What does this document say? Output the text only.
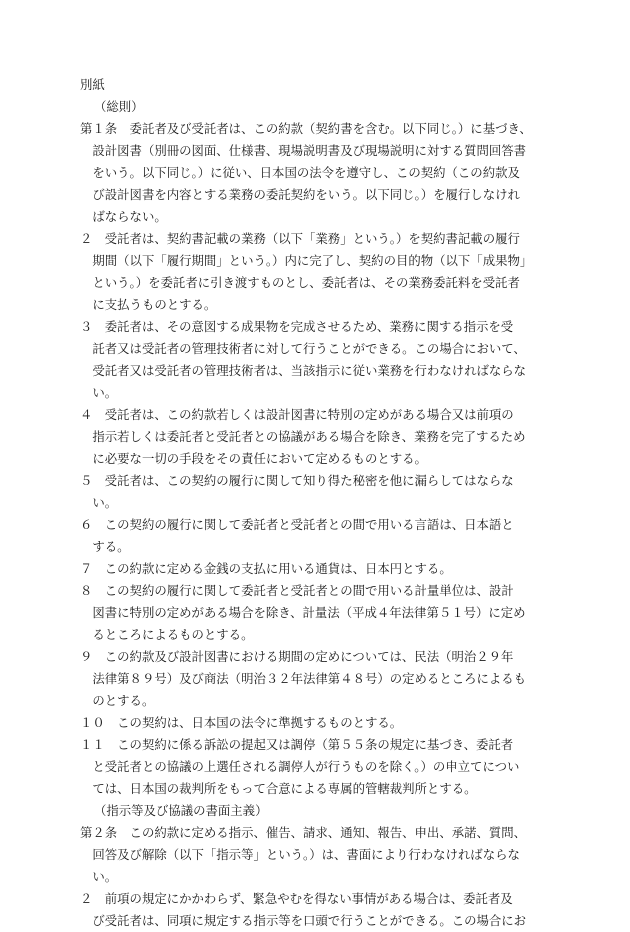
別紙
（総則）
第１条　委託者及び受託者は、この約款（契約書を含む。以下同じ。）に基づき、
　設計図書（別冊の図面、仕様書、現場説明書及び現場説明に対する質問回答書
　をいう。以下同じ。）に従い、日本国の法令を遵守し、この契約（この約款及
　び設計図書を内容とする業務の委託契約をいう。以下同じ。）を履行しなけれ
　ばならない。
２　受託者は、契約書記載の業務（以下「業務」という。）を契約書記載の履行
　期間（以下「履行期間」という。）内に完了し、契約の目的物（以下「成果物」
　という。）を委託者に引き渡すものとし、委託者は、その業務委託料を受託者
　に支払うものとする。
３　委託者は、その意図する成果物を完成させるため、業務に関する指示を受
　託者又は受託者の管理技術者に対して行うことができる。この場合において、
　受託者又は受託者の管理技術者は、当該指示に従い業務を行わなければならな
　い。
４　受託者は、この約款若しくは設計図書に特別の定めがある場合又は前項の
　指示若しくは委託者と受託者との協議がある場合を除き、業務を完了するため
　に必要な一切の手段をその責任において定めるものとする。
５　受託者は、この契約の履行に関して知り得た秘密を他に漏らしてはならな
　い。
６　この契約の履行に関して委託者と受託者との間で用いる言語は、日本語と
　する。
７　この約款に定める金銭の支払に用いる通貨は、日本円とする。
８　この契約の履行に関して委託者と受託者との間で用いる計量単位は、設計
　図書に特別の定めがある場合を除き、計量法（平成４年法律第５１号）に定め
　るところによるものとする。
９　この約款及び設計図書における期間の定めについては、民法（明治２９年
　法律第８９号）及び商法（明治３２年法律第４８号）の定めるところによるも
　のとする。
１０　この契約は、日本国の法令に準拠するものとする。
１１　この契約に係る訴訟の提起又は調停（第５５条の規定に基づき、委託者
　と受託者との協議の上選任される調停人が行うものを除く。）の申立てについ
　ては、日本国の裁判所をもって合意による専属的管轄裁判所とする。
（指示等及び協議の書面主義）
第２条　この約款に定める指示、催告、請求、通知、報告、申出、承諾、質問、
　回答及び解除（以下「指示等」という。）は、書面により行わなければならな
　い。
２　前項の規定にかかわらず、緊急やむを得ない事情がある場合は、委託者及
　び受託者は、同項に規定する指示等を口頭で行うことができる。この場合にお
